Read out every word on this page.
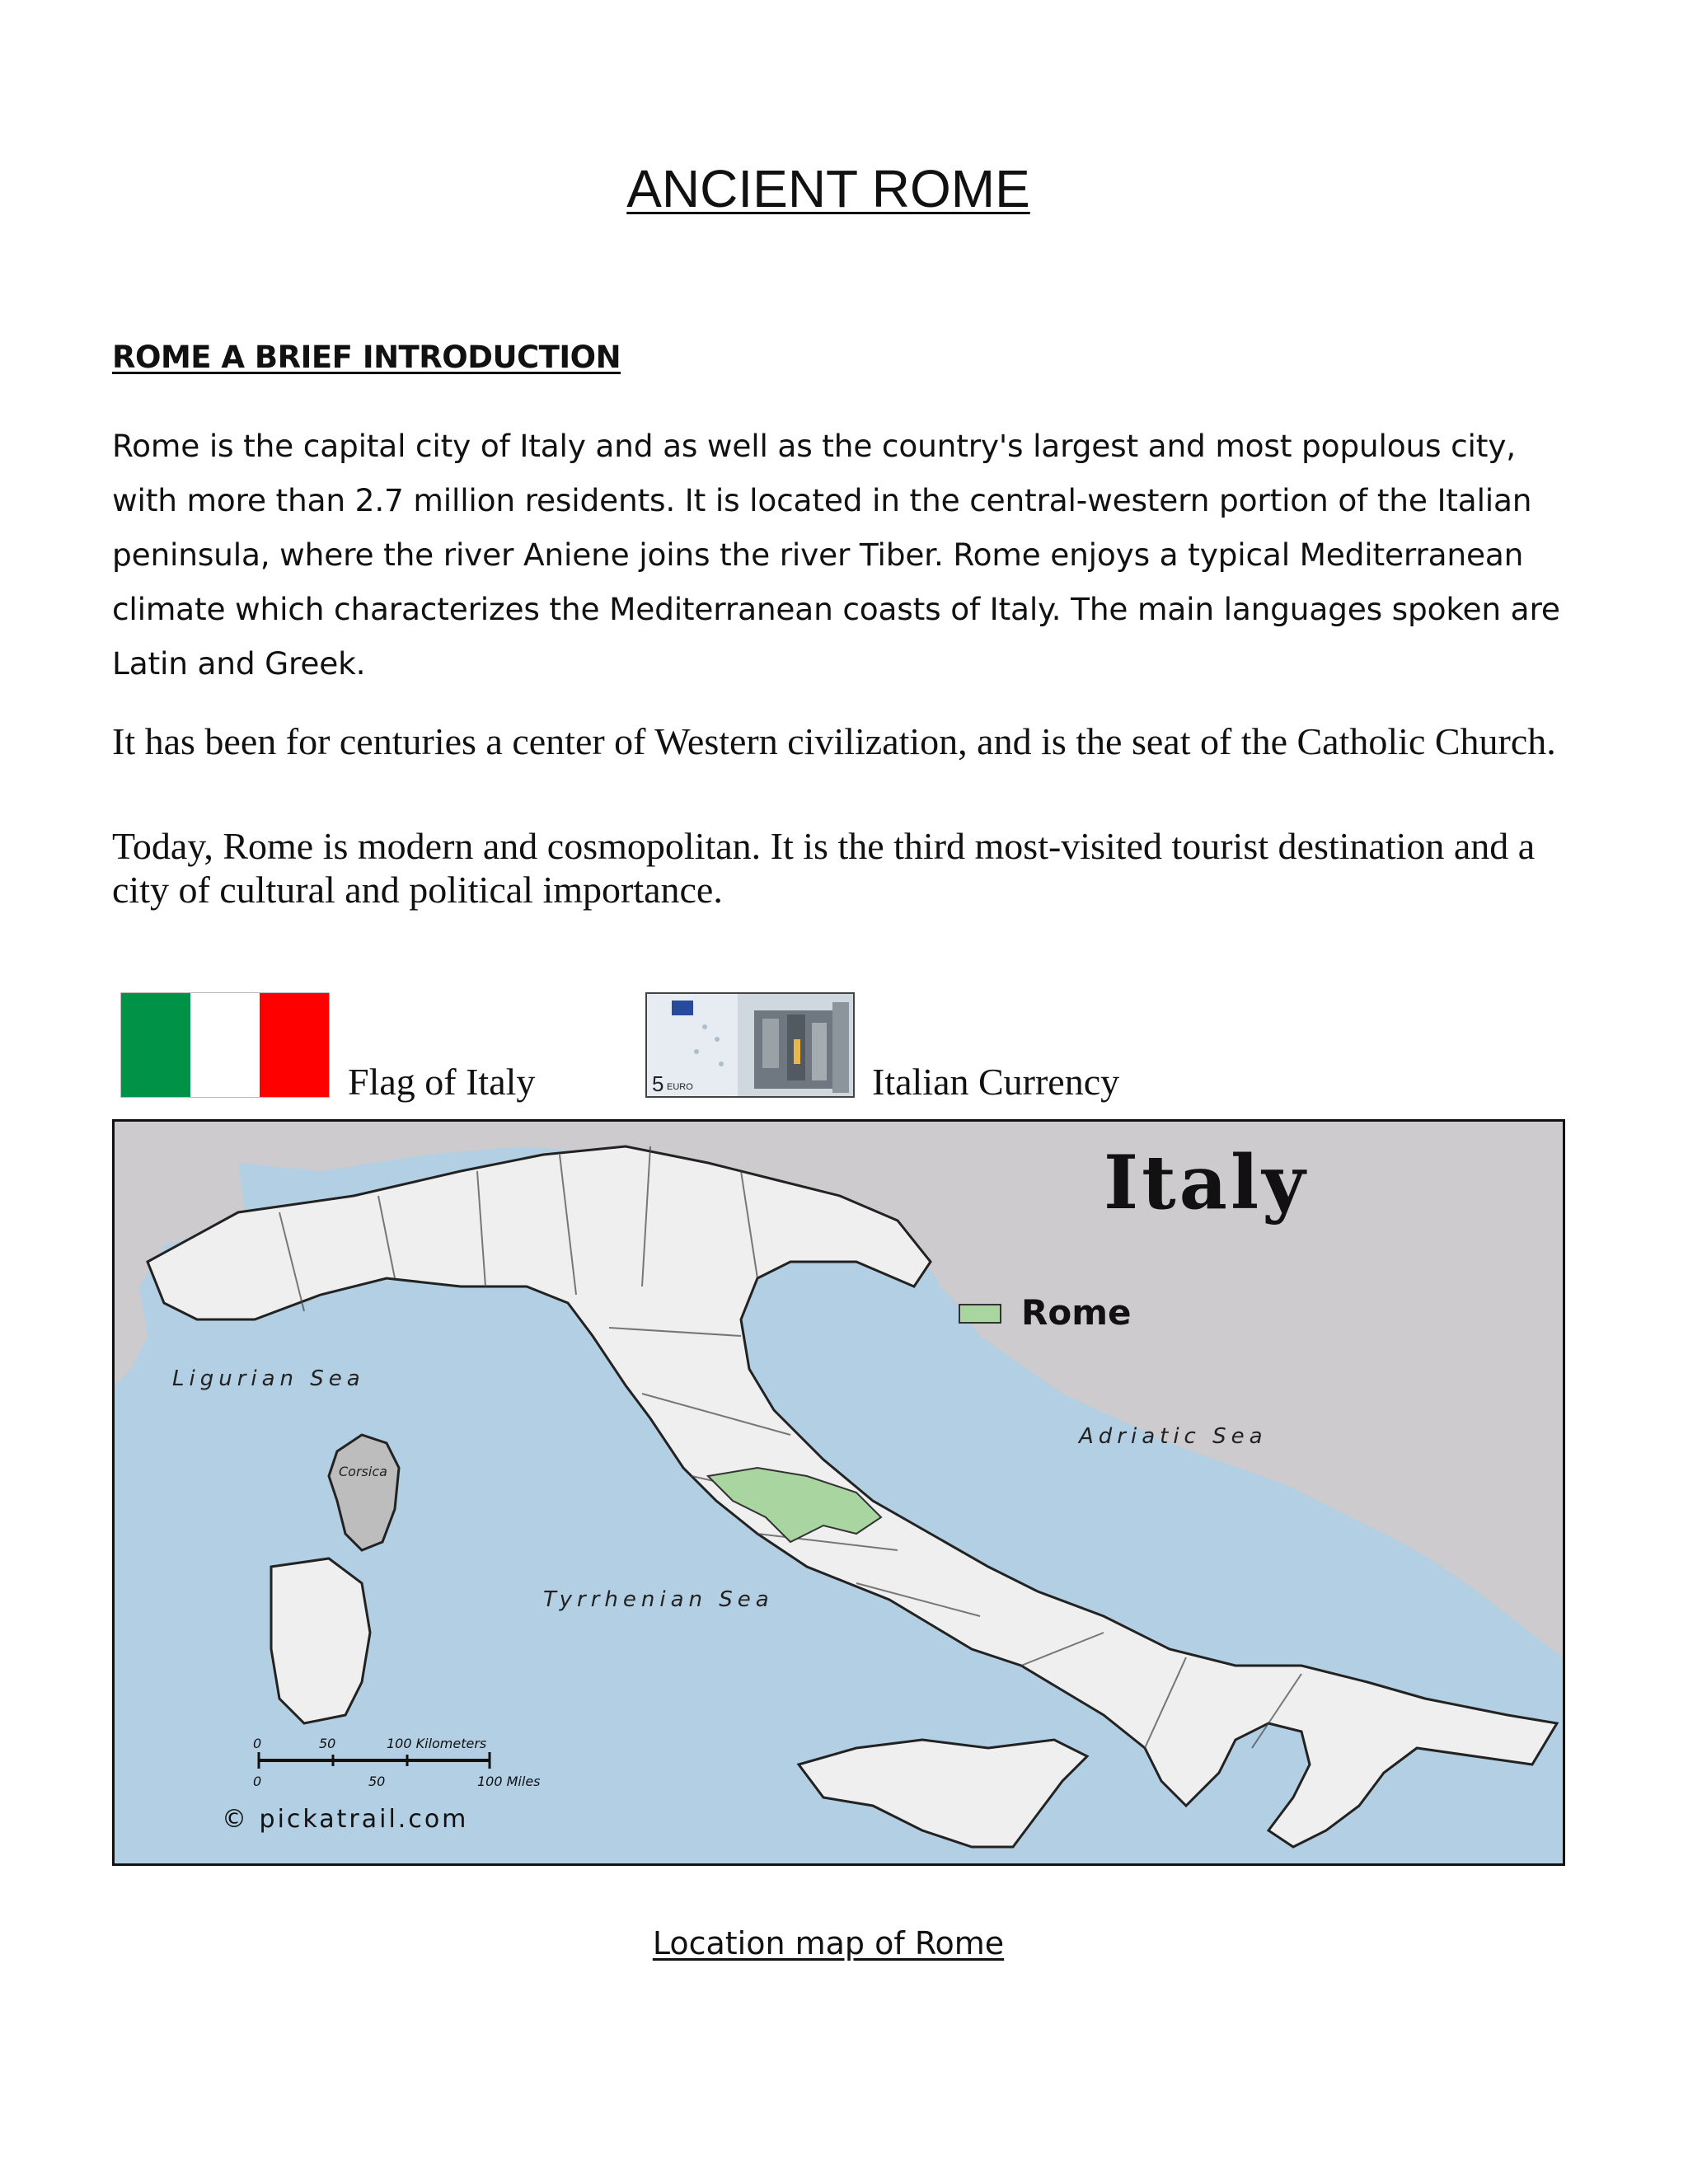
ANCIENT ROME
ROME A BRIEF INTRODUCTION
Rome is the capital city of Italy and as well as the country's largest and most populous city, with more than 2.7 million residents. It is located in the central-western portion of the Italian peninsula, where the river Aniene joins the river Tiber. Rome enjoys a typical Mediterranean climate which characterizes the Mediterranean coasts of Italy. The main languages spoken are Latin and Greek.
It has been for centuries a center of Western civilization, and is the seat of the Catholic Church.
Today, Rome is modern and cosmopolitan. It is the third most-visited tourist destination and a city of cultural and political importance.
Flag of Italy	5 EURO	Italian Currency
Rome
Italy
Ligurian Sea
Adriatic Sea
Tyrrhenian Sea
Corsica
0	50	100 Kilometers
0	50	100 Miles
© pickatrail.com
Location map of Rome
